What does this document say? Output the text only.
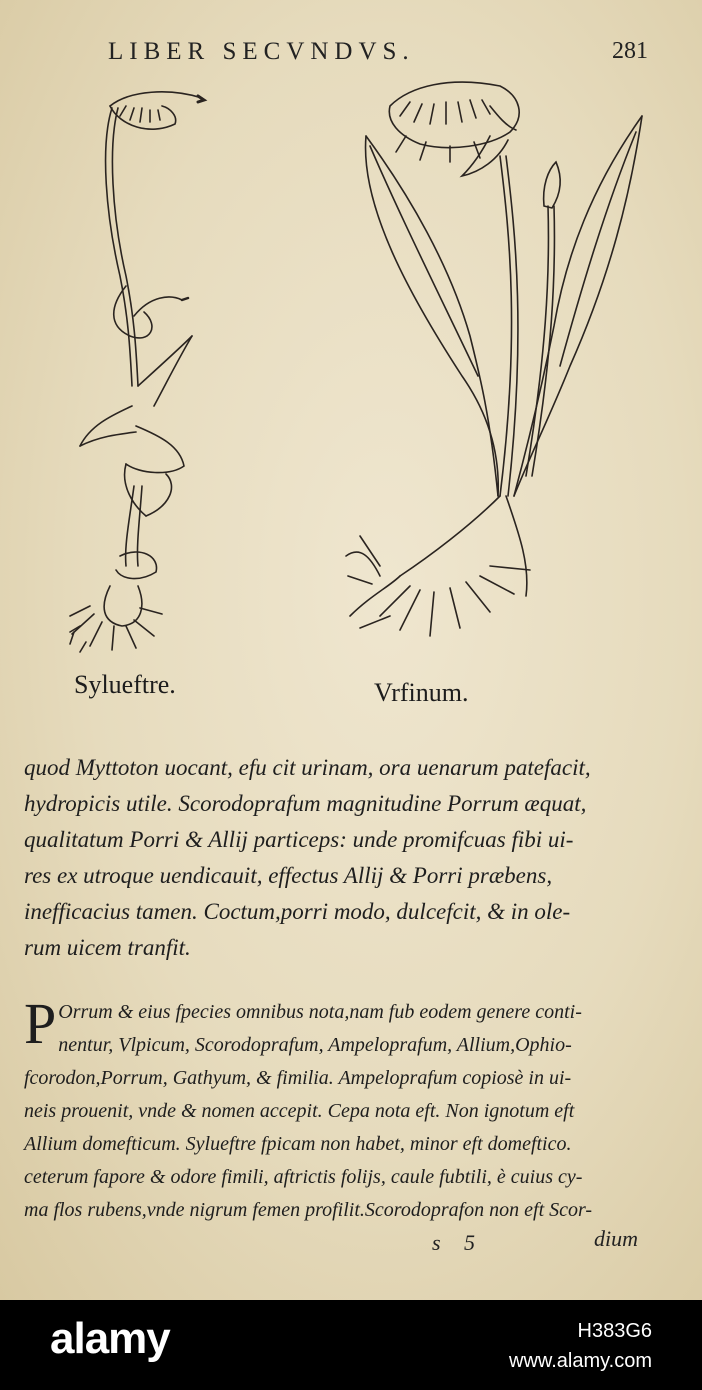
LIBER SECVNDVS.	281
Sylueftre.	Vrfinum.
quod Myttoton uocant, efu cit urinam, ora uenarum patefacit,
hydropicis utile. Scorodoprafum magnitudine Porrum æquat,
qualitatum Porri & Allij particeps: unde promifcuas fibi ui-
res ex utroque uendicauit, effectus Allij & Porri præbens,
inefficacius tamen. Coctum,porri modo, dulcefcit, & in ole-
rum uicem tranfit.
P Orrum & eius fpecies omnibus nota,nam fub eodem genere conti-
nentur, Vlpicum, Scorodoprafum, Ampeloprafum, Allium,Ophio-
fcorodon,Porrum, Gathyum, & fimilia. Ampeloprafum copiosè in ui-
neis prouenit, vnde & nomen accepit. Cepa nota eft. Non ignotum eft
Allium domefticum. Sylueftre fpicam non habet, minor eft domeftico.
ceterum fapore & odore fimili, aftrictis folijs, caule fubtili, è cuius cy-
ma flos rubens,vnde nigrum femen profilit.Scorodoprafon non eft Scor-
s 5	dium
alamy	H383G6
www.alamy.com
